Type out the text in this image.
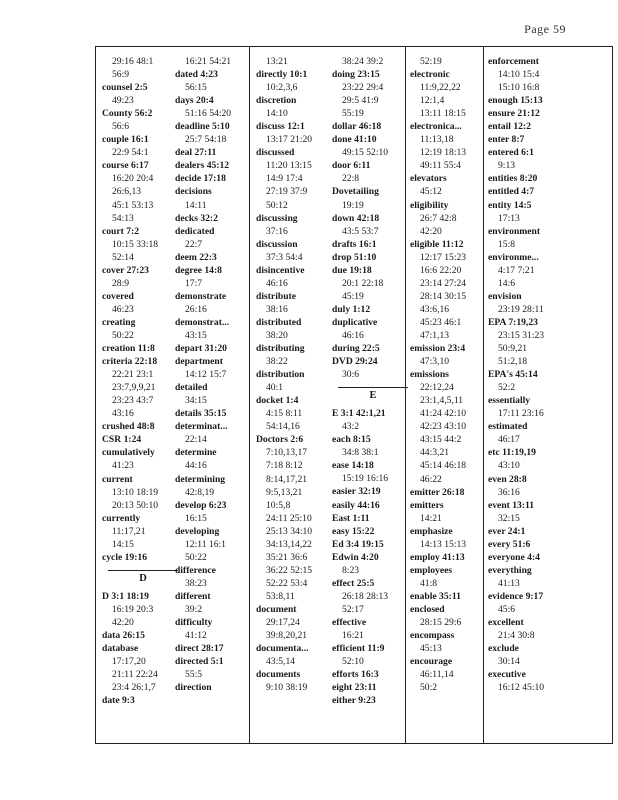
Page 59
29:16 48:1
56:9
counsel 2:5
49:23
County 56:2
56:6
couple 16:1
22:9 54:1
course 6:17
16:20 20:4
26:6,13
45:1 53:13
54:13
court 7:2
10:15 33:18
52:14
cover 27:23
28:9
covered
46:23
creating
50:22
creation 11:8
criteria 22:18
22:21 23:1
23:7,9,9,21
23:23 43:7
43:16
crushed 48:8
CSR 1:24
cumulatively
41:23
current
13:10 18:19
20:13 50:10
currently
11:17,21
14:15
cycle 19:16
D
D 3:1 18:19
16:19 20:3
42:20
data 26:15
database
17:17,20
21:11 22:24
23:4 26:1,7
date 9:3
16:21 54:21
dated 4:23
56:15
days 20:4
51:16 54:20
deadline 5:10
25:7 54:18
deal 27:11
dealers 45:12
decide 17:18
decisions
14:11
decks 32:2
dedicated
22:7
deem 22:3
degree 14:8
17:7
demonstrate
26:16
demonstrat...
43:15
depart 31:20
department
14:12 15:7
detailed
34:15
details 35:15
determinat...
22:14
determine
44:16
determining
42:8,19
develop 6:23
16:15
developing
12:11 16:1
50:22
difference
38:23
different
39:2
difficulty
41:12
direct 28:17
directed 5:1
55:5
direction
13:21
directly 10:1
10:2,3,6
discretion
14:10
discuss 12:1
13:17 21:20
discussed
11:20 13:15
14:9 17:4
27:19 37:9
50:12
discussing
37:16
discussion
37:3 54:4
disincentive
46:16
distribute
38:16
distributed
38:20
distributing
38:22
distribution
40:1
docket 1:4
4:15 8:11
54:14,16
Doctors 2:6
7:10,13,17
7:18 8:12
8:14,17,21
9:5,13,21
10:5,8
24:11 25:10
25:13 34:10
34:13,14,22
35:21 36:6
36:22 52:15
52:22 53:4
53:8,11
document
29:17,24
39:8,20,21
documenta...
43:5,14
documents
9:10 38:19
38:24 39:2
doing 23:15
23:22 29:4
29:5 41:9
55:19
dollar 46:18
done 41:10
49:15 52:10
door 6:11
22:8
Dovetailing
19:19
down 42:18
43:5 53:7
drafts 16:1
drop 51:10
due 19:18
20:1 22:18
45:19
duly 1:12
duplicative
46:16
during 22:5
DVD 29:24
30:6
E
E 3:1 42:1,21
43:2
each 8:15
34:8 38:1
ease 14:18
15:19 16:16
easier 32:19
easily 44:16
East 1:11
easy 15:22
Ed 3:4 19:15
Edwin 4:20
8:23
effect 25:5
26:18 28:13
52:17
effective
16:21
efficient 11:9
52:10
efforts 16:3
eight 23:11
either 9:23
52:19
electronic
11:9,22,22
12:1,4
13:11 18:15
electronica...
11:13,18
12:19 18:13
49:11 55:4
elevators
45:12
eligibility
26:7 42:8
42:20
eligible 11:12
12:17 15:23
16:6 22:20
23:14 27:24
28:14 30:15
43:6,16
45:23 46:1
47:1,13
emission 23:4
47:3,10
emissions
22:12,24
23:1,4,5,11
41:24 42:10
42:23 43:10
43:15 44:2
44:3,21
45:14 46:18
46:22
emitter 26:18
emitters
14:21
emphasize
14:13 15:13
employ 41:13
employees
41:8
enable 35:11
enclosed
28:15 29:6
encompass
45:13
encourage
46:11,14
50:2
enforcement
14:10 15:4
15:10 16:8
enough 15:13
ensure 21:12
entail 12:2
enter 8:7
entered 6:1
9:13
entities 8:20
entitled 4:7
entity 14:5
17:13
environment
15:8
environme...
4:17 7:21
14:6
envision
23:19 28:11
EPA 7:19,23
23:15 31:23
50:9,21
51:2,18
EPA's 45:14
52:2
essentially
17:11 23:16
estimated
46:17
etc 11:19,19
43:10
even 28:8
36:16
event 13:11
32:15
ever 24:1
every 51:6
everyone 4:4
everything
41:13
evidence 9:17
45:6
excellent
21:4 30:8
exclude
30:14
executive
16:12 45:10
